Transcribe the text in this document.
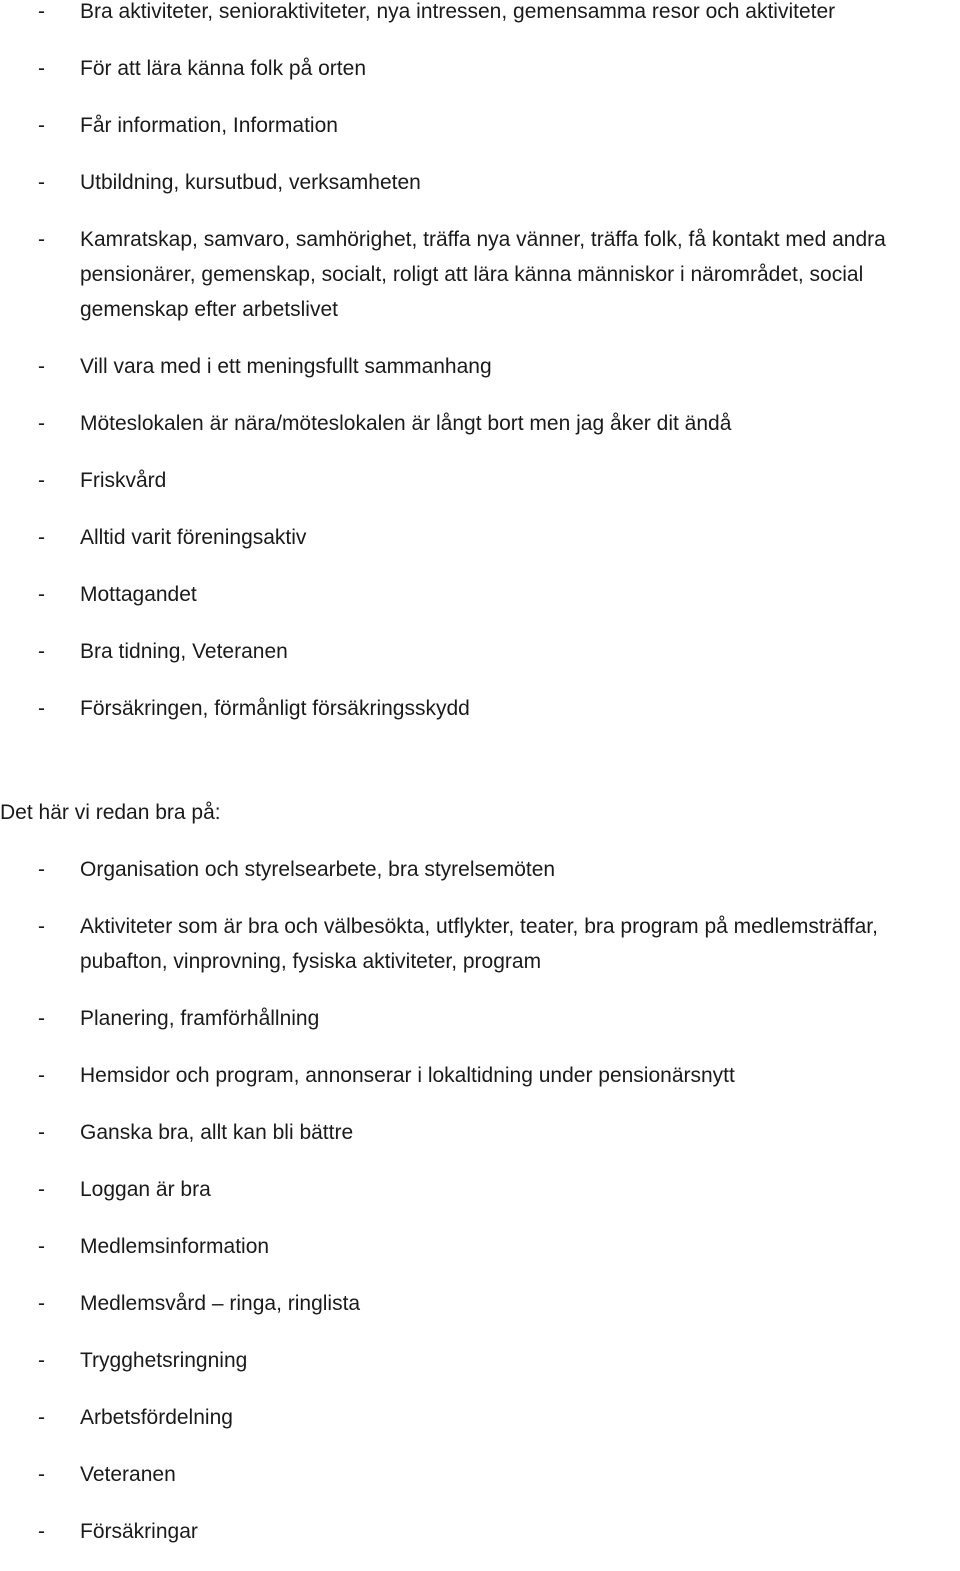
- Bra aktiviteter, senioraktiviteter, nya intressen, gemensamma resor och aktiviteter
- För att lära känna folk på orten
- Får information, Information
- Utbildning, kursutbud, verksamheten
- Kamratskap, samvaro, samhörighet, träffa nya vänner, träffa folk, få kontakt med andra pensionärer, gemenskap, socialt, roligt att lära känna människor i närområdet, social gemenskap efter arbetslivet
- Vill vara med i ett meningsfullt sammanhang
- Möteslokalen är nära/möteslokalen är långt bort men jag åker dit ändå
- Friskvård
- Alltid varit föreningsaktiv
- Mottagandet
- Bra tidning, Veteranen
- Försäkringen, förmånligt försäkringsskydd
Det här vi redan bra på:
- Organisation och styrelsearbete, bra styrelsemöten
- Aktiviteter som är bra och välbesökta, utflykter, teater, bra program på medlemsträffar, pubafton, vinprovning, fysiska aktiviteter, program
- Planering, framförhållning
- Hemsidor och program, annonserar i lokaltidning under pensionärsnytt
- Ganska bra, allt kan bli bättre
- Loggan är bra
- Medlemsinformation
- Medlemsvård – ringa, ringlista
- Trygghetsringning
- Arbetsfördelning
- Veteranen
- Försäkringar
